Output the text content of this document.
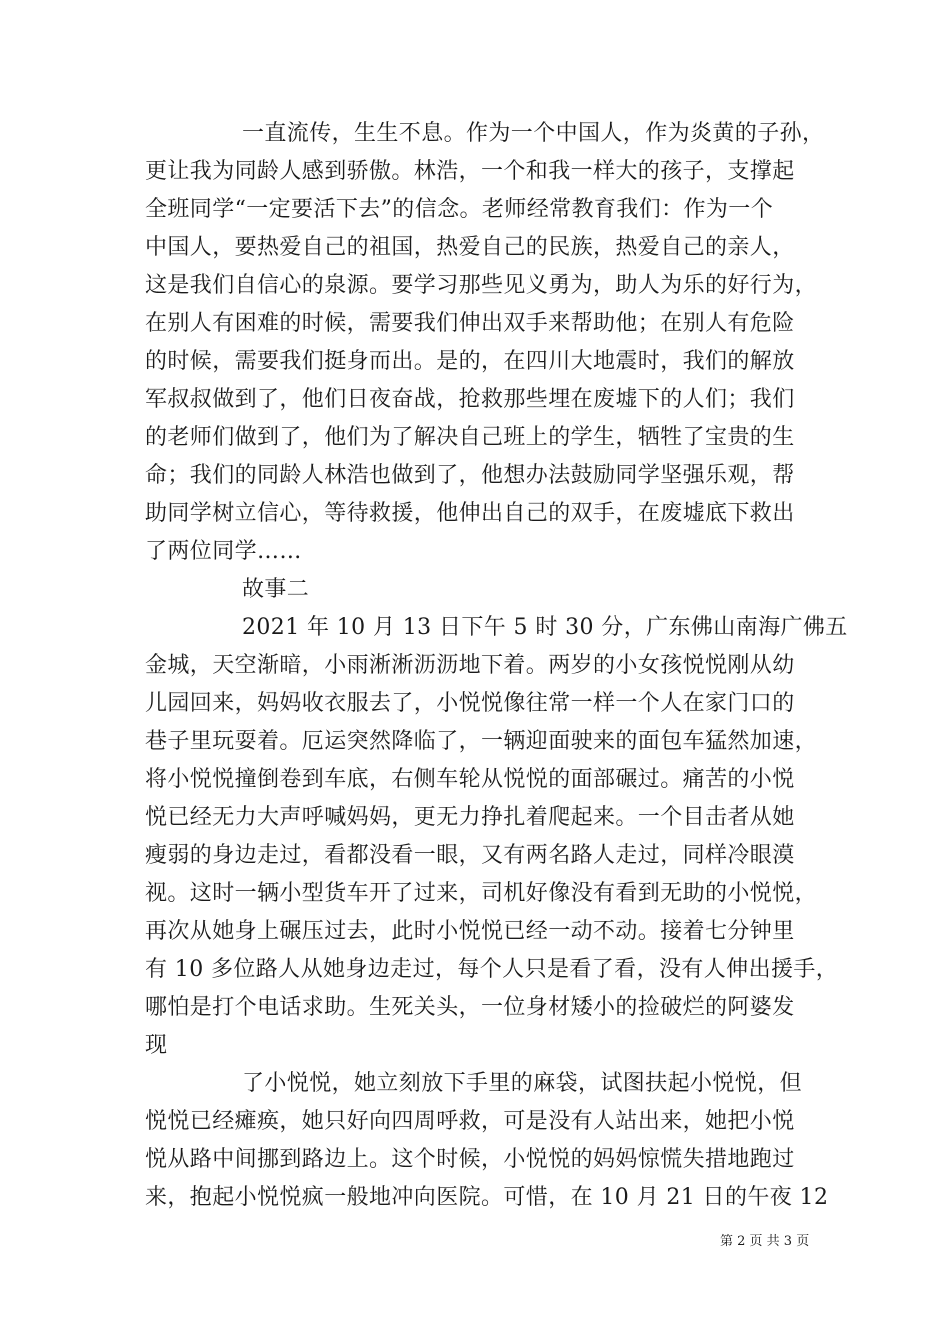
一直流传，生生不息。作为一个中国人，作为炎黄的子孙，
更让我为同龄人感到骄傲。林浩，一个和我一样大的孩子，支撑起
全班同学“一定要活下去”的信念。老师经常教育我们：作为一个
中国人，要热爱自己的祖国，热爱自己的民族，热爱自己的亲人，
这是我们自信心的泉源。要学习那些见义勇为，助人为乐的好行为，
在别人有困难的时候，需要我们伸出双手来帮助他；在别人有危险
的时候，需要我们挺身而出。是的，在四川大地震时，我们的解放
军叔叔做到了，他们日夜奋战，抢救那些埋在废墟下的人们；我们
的老师们做到了，他们为了解决自己班上的学生，牺牲了宝贵的生
命；我们的同龄人林浩也做到了，他想办法鼓励同学坚强乐观，帮
助同学树立信心，等待救援，他伸出自己的双手，在废墟底下救出
了两位同学……
故事二
2021 年 10 月 13 日下午 5 时 30 分，广东佛山南海广佛五
金城，天空渐暗，小雨淅淅沥沥地下着。两岁的小女孩悦悦刚从幼
儿园回来，妈妈收衣服去了，小悦悦像往常一样一个人在家门口的
巷子里玩耍着。厄运突然降临了，一辆迎面驶来的面包车猛然加速，
将小悦悦撞倒卷到车底，右侧车轮从悦悦的面部碾过。痛苦的小悦
悦已经无力大声呼喊妈妈，更无力挣扎着爬起来。一个目击者从她
瘦弱的身边走过，看都没看一眼，又有两名路人走过，同样冷眼漠
视。这时一辆小型货车开了过来，司机好像没有看到无助的小悦悦，
再次从她身上碾压过去，此时小悦悦已经一动不动。接着七分钟里
有 10 多位路人从她身边走过，每个人只是看了看，没有人伸出援手，
哪怕是打个电话求助。生死关头，一位身材矮小的捡破烂的阿婆发
现
了小悦悦，她立刻放下手里的麻袋，试图扶起小悦悦，但
悦悦已经瘫痪，她只好向四周呼救，可是没有人站出来，她把小悦
悦从路中间挪到路边上。这个时候，小悦悦的妈妈惊慌失措地跑过
来，抱起小悦悦疯一般地冲向医院。可惜，在 10 月 21 日的午夜 12
第 2 页 共 3 页
